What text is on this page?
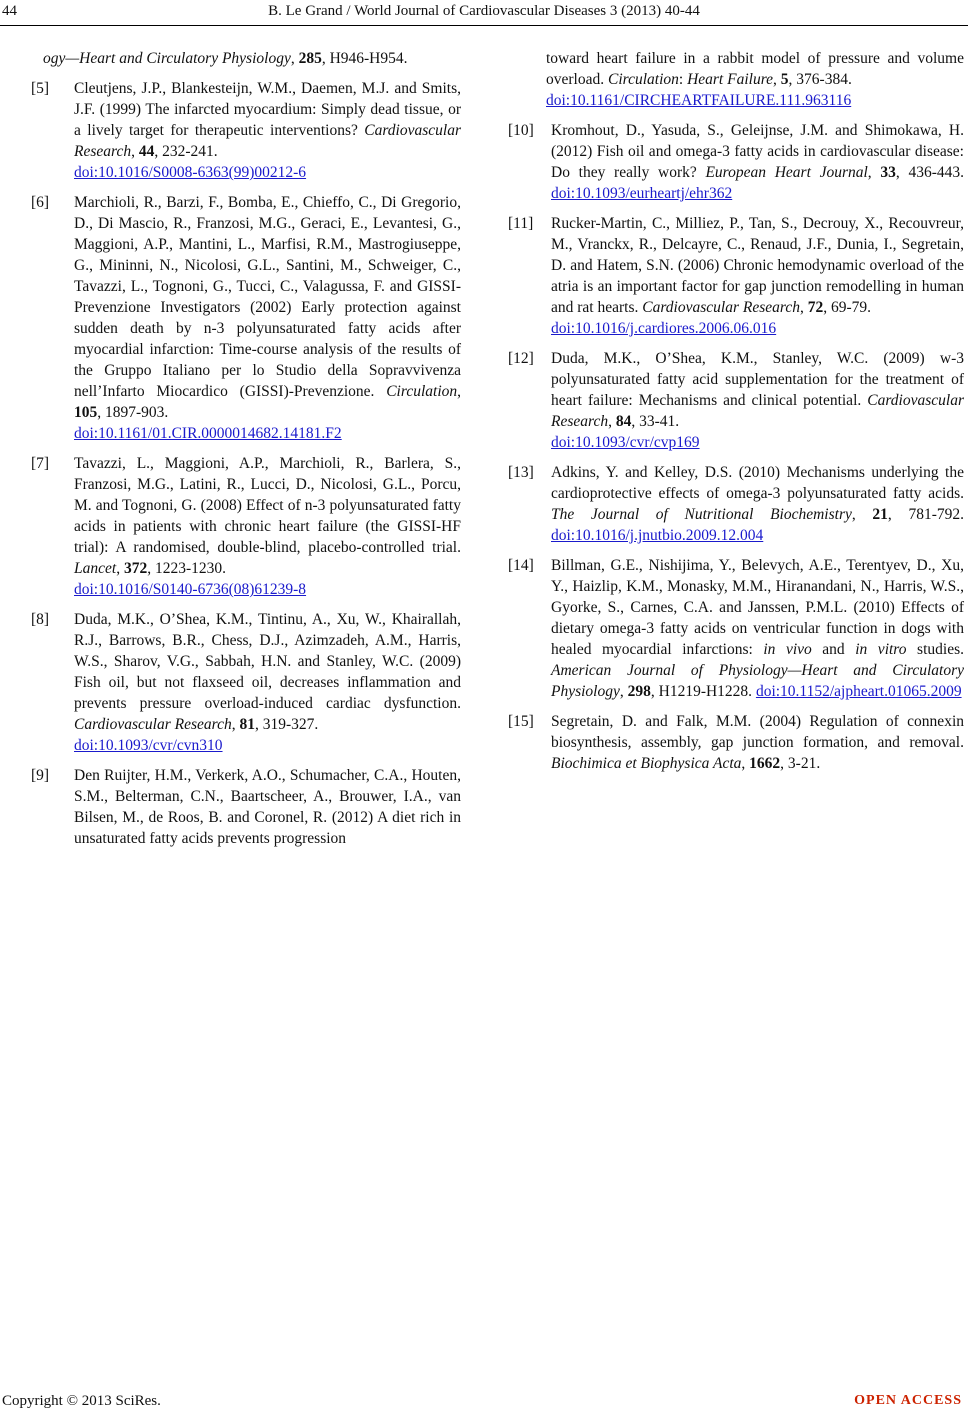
44	B. Le Grand / World Journal of Cardiovascular Diseases 3 (2013) 40-44
ogy—Heart and Circulatory Physiology, 285, H946-H954.
[5]	Cleutjens, J.P., Blankesteijn, W.M., Daemen, M.J. and Smits, J.F. (1999) The infarcted myocardium: Simply dead tissue, or a lively target for therapeutic interventions? Cardiovascular Research, 44, 232-241.
doi:10.1016/S0008-6363(99)00212-6
[6]	Marchioli, R., Barzi, F., Bomba, E., Chieffo, C., Di Gregorio, D., Di Mascio, R., Franzosi, M.G., Geraci, E., Levantesi, G., Maggioni, A.P., Mantini, L., Marfisi, R.M., Mastrogiuseppe, G., Mininni, N., Nicolosi, G.L., Santini, M., Schweiger, C., Tavazzi, L., Tognoni, G., Tucci, C., Valagussa, F. and GISSI-Prevenzione Investigators (2002) Early protection against sudden death by n-3 polyunsaturated fatty acids after myocardial infarction: Time-course analysis of the results of the Gruppo Italiano per lo Studio della Sopravvivenza nell’Infarto Miocardico (GISSI)-Prevenzione. Circulation, 105, 1897-903.
doi:10.1161/01.CIR.0000014682.14181.F2
[7]	Tavazzi, L., Maggioni, A.P., Marchioli, R., Barlera, S., Franzosi, M.G., Latini, R., Lucci, D., Nicolosi, G.L., Porcu, M. and Tognoni, G. (2008) Effect of n-3 polyunsaturated fatty acids in patients with chronic heart failure (the GISSI-HF trial): A randomised, double-blind, placebo-controlled trial. Lancet, 372, 1223-1230.
doi:10.1016/S0140-6736(08)61239-8
[8]	Duda, M.K., O’Shea, K.M., Tintinu, A., Xu, W., Khairallah, R.J., Barrows, B.R., Chess, D.J., Azimzadeh, A.M., Harris, W.S., Sharov, V.G., Sabbah, H.N. and Stanley, W.C. (2009) Fish oil, but not flaxseed oil, decreases inflammation and prevents pressure overload-induced cardiac dysfunction. Cardiovascular Research, 81, 319-327.
doi:10.1093/cvr/cvn310
[9]	Den Ruijter, H.M., Verkerk, A.O., Schumacher, C.A., Houten, S.M., Belterman, C.N., Baartscheer, A., Brouwer, I.A., van Bilsen, M., de Roos, B. and Coronel, R. (2012) A diet rich in unsaturated fatty acids prevents progression
toward heart failure in a rabbit model of pressure and volume overload. Circulation: Heart Failure, 5, 376-384.
doi:10.1161/CIRCHEARTFAILURE.111.963116
[10]	Kromhout, D., Yasuda, S., Geleijnse, J.M. and Shimokawa, H. (2012) Fish oil and omega-3 fatty acids in cardiovascular disease: Do they really work? European Heart Journal, 33, 436-443. doi:10.1093/eurheartj/ehr362
[11]	Rucker-Martin, C., Milliez, P., Tan, S., Decrouy, X., Recouvreur, M., Vranckx, R., Delcayre, C., Renaud, J.F., Dunia, I., Segretain, D. and Hatem, S.N. (2006) Chronic hemodynamic overload of the atria is an important factor for gap junction remodelling in human and rat hearts. Cardiovascular Research, 72, 69-79.
doi:10.1016/j.cardiores.2006.06.016
[12]	Duda, M.K., O’Shea, K.M., Stanley, W.C. (2009) w-3 polyunsaturated fatty acid supplementation for the treatment of heart failure: Mechanisms and clinical potential. Cardiovascular Research, 84, 33-41.
doi:10.1093/cvr/cvp169
[13]	Adkins, Y. and Kelley, D.S. (2010) Mechanisms underlying the cardioprotective effects of omega-3 polyunsaturated fatty acids. The Journal of Nutritional Biochemistry, 21, 781-792. doi:10.1016/j.jnutbio.2009.12.004
[14]	Billman, G.E., Nishijima, Y., Belevych, A.E., Terentyev, D., Xu, Y., Haizlip, K.M., Monasky, M.M., Hiranandani, N., Harris, W.S., Gyorke, S., Carnes, C.A. and Janssen, P.M.L. (2010) Effects of dietary omega-3 fatty acids on ventricular function in dogs with healed myocardial infarctions: in vivo and in vitro studies. American Journal of Physiology—Heart and Circulatory Physiology, 298, H1219-H1228. doi:10.1152/ajpheart.01065.2009
[15]	Segretain, D. and Falk, M.M. (2004) Regulation of connexin biosynthesis, assembly, gap junction formation, and removal. Biochimica et Biophysica Acta, 1662, 3-21.
Copyright © 2013 SciRes.	OPEN ACCESS
